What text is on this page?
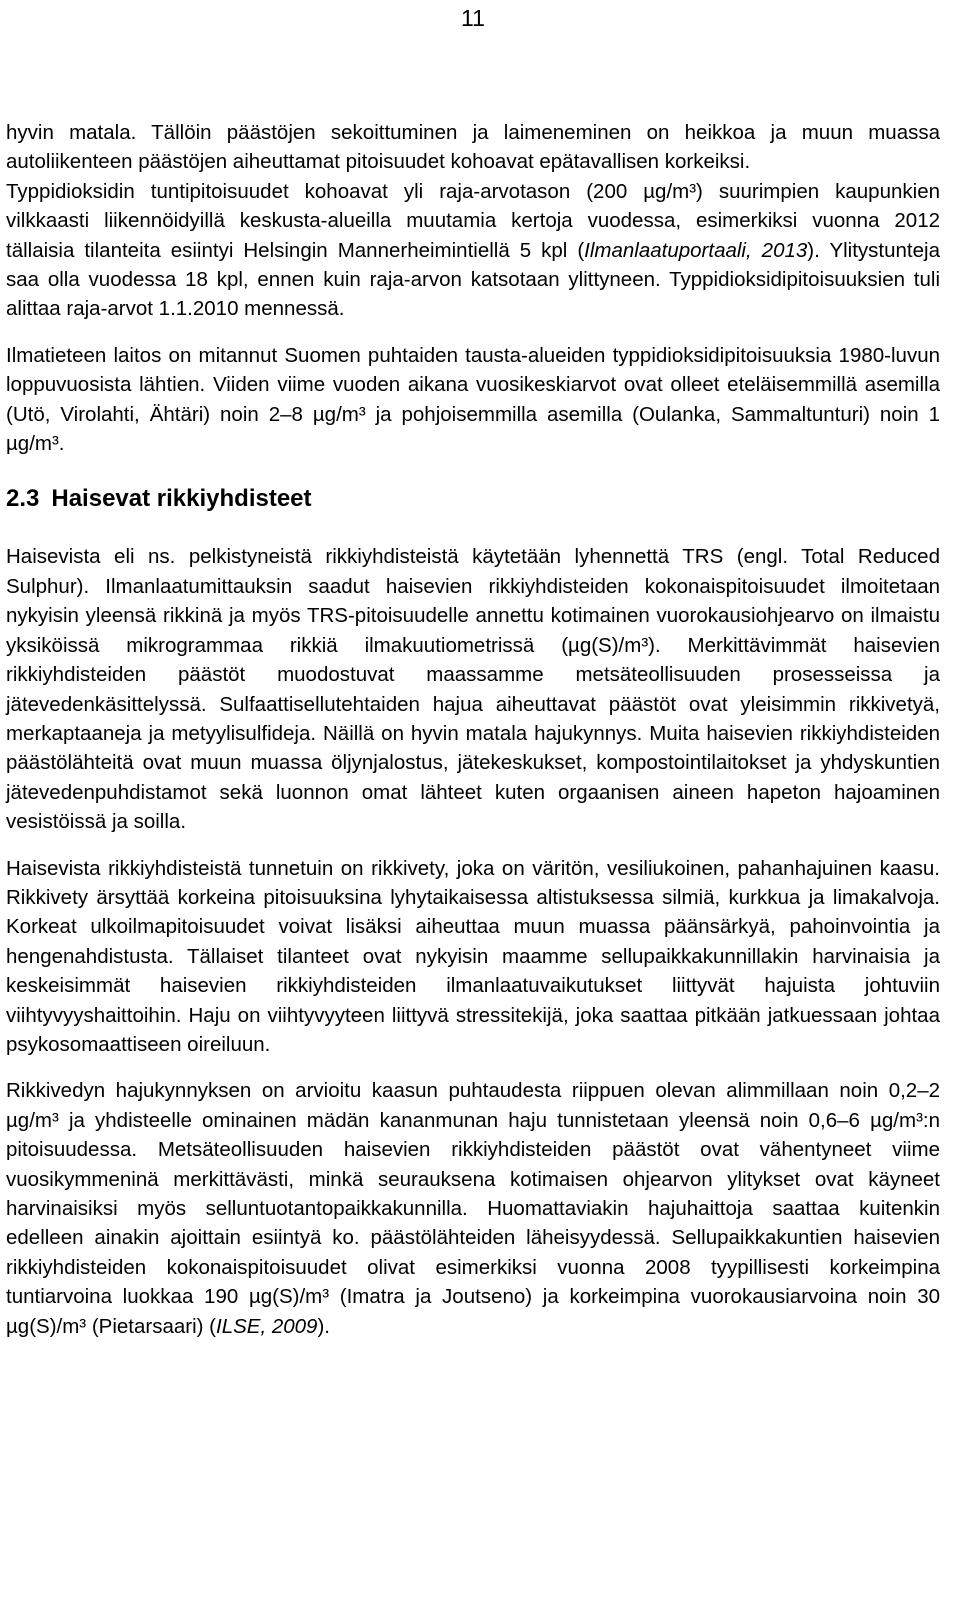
11

hyvin matala. Tällöin päästöjen sekoittuminen ja laimeneminen on heikkoa ja muun muassa autoliikenteen päästöjen aiheuttamat pitoisuudet kohoavat epätavallisen korkeiksi.

Typpidioksidin tuntipitoisuudet kohoavat yli raja-arvotason (200 µg/m³) suurimpien kaupunkien vilkkaasti liikennöidyillä keskusta-alueilla muutamia kertoja vuodessa, esimerkiksi vuonna 2012 tällaisia tilanteita esiintyi Helsingin Mannerheimintiellä 5 kpl (Ilmanlaatuportaali, 2013). Ylitystunteja saa olla vuodessa 18 kpl, ennen kuin raja-arvon katsotaan ylittyneen. Typpidioksidipitoisuuksien tuli alittaa raja-arvot 1.1.2010 mennessä.

Ilmatieteen laitos on mitannut Suomen puhtaiden tausta-alueiden typpidioksidipitoisuuksia 1980-luvun loppuvuosista lähtien. Viiden viime vuoden aikana vuosikeskiarvot ovat olleet eteläisemmillä asemilla (Utö, Virolahti, Ähtäri) noin 2–8 µg/m³ ja pohjoisemmilla asemilla (Oulanka, Sammaltunturi) noin 1 µg/m³.

2.3 Haisevat rikkiyhdisteet

Haisevista eli ns. pelkistyneistä rikkiyhdisteistä käytetään lyhennettä TRS (engl. Total Reduced Sulphur). Ilmanlaatumittauksin saadut haisevien rikkiyhdisteiden kokonaispitoisuudet ilmoitetaan nykyisin yleensä rikkinä ja myös TRS-pitoisuudelle annettu kotimainen vuorokausiohjearvo on ilmaistu yksiköissä mikrogrammaa rikkiä ilmakuutiometrissä (µg(S)/m³). Merkittävimmät haisevien rikkiyhdisteiden päästöt muodostuvat maassamme metsäteollisuuden prosesseissa ja jätevedenkäsittelyssä. Sulfaattisellutehtaiden hajua aiheuttavat päästöt ovat yleisimmin rikkivetyä, merkaptaaneja ja metyylisulfideja. Näillä on hyvin matala hajukynnys. Muita haisevien rikkiyhdisteiden päästölähteitä ovat muun muassa öljynjalostus, jätekeskukset, kompostointilaitokset ja yhdyskuntien jätevedenpuhdistamot sekä luonnon omat lähteet kuten orgaanisen aineen hapeton hajoaminen vesistöissä ja soilla.

Haisevista rikkiyhdisteistä tunnetuin on rikkivety, joka on väritön, vesiliukoinen, pahanhajuinen kaasu. Rikkivety ärsyttää korkeina pitoisuuksina lyhytaikaisessa altistuksessa silmiä, kurkkua ja limakalvoja. Korkeat ulkoilmapitoisuudet voivat lisäksi aiheuttaa muun muassa päänsärkyä, pahoinvointia ja hengenahdistusta. Tällaiset tilanteet ovat nykyisin maamme sellupaikkakunnillakin harvinaisia ja keskeisimmät haisevien rikkiyhdisteiden ilmanlaatuvaikutukset liittyvät hajuista johtuviin viihtyvyyshaittoihin. Haju on viihtyvyyteen liittyvä stressitekijä, joka saattaa pitkään jatkuessaan johtaa psykosomaattiseen oireiluun.

Rikkivedyn hajukynnyksen on arvioitu kaasun puhtaudesta riippuen olevan alimmillaan noin 0,2–2 µg/m³ ja yhdisteelle ominainen mädän kananmunan haju tunnistetaan yleensä noin 0,6–6 µg/m³:n pitoisuudessa. Metsäteollisuuden haisevien rikkiyhdisteiden päästöt ovat vähentyneet viime vuosikymmeninä merkittävästi, minkä seurauksena kotimaisen ohjearvon ylitykset ovat käyneet harvinaisiksi myös selluntuotantopaikkakunnilla. Huomattaviakin hajuhaittoja saattaa kuitenkin edelleen ainakin ajoittain esiintyä ko. päästölähteiden läheisyydessä. Sellupaikkakuntien haisevien rikkiyhdisteiden kokonaispitoisuudet olivat esimerkiksi vuonna 2008 tyypillisesti korkeimpina tuntiarvoina luokkaa 190 µg(S)/m³ (Imatra ja Joutseno) ja korkeimpina vuorokausiarvoina noin 30 µg(S)/m³ (Pietarsaari) (ILSE, 2009).
